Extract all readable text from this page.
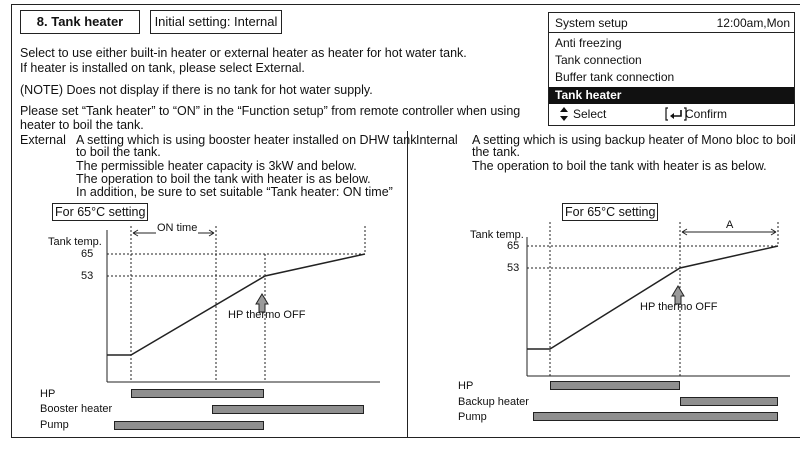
8. Tank heater	Initial setting: Internal
Select to use either built-in heater or external heater as heater for hot water tank.
If heater is installed on tank, please select External.
(NOTE) Does not display if there is no tank for hot water supply.
Please set “Tank heater” to “ON” in the “Function setup” from remote controller when using
heater to boil the tank.
System setup	12:00am,Mon
Anti freezing
Tank connection
Buffer tank connection
Tank heater
Select	Confirm
External A setting which is using booster heater installed on DHW tank
to boil the tank.
The permissible heater capacity is 3kW and below.
The operation to boil the tank with heater is as below.
In addition, be sure to set suitable “Tank heater: ON time”
For 65°C setting
Tank temp.
65
53
ON time
HP thermo OFF
HP
Booster heater
Pump
Internal A setting which is using backup heater of Mono bloc to boil
the tank.
The operation to boil the tank with heater is as below.
For 65°C setting
Tank temp.
65
53
A
HP thermo OFF
HP
Backup heater
Pump
